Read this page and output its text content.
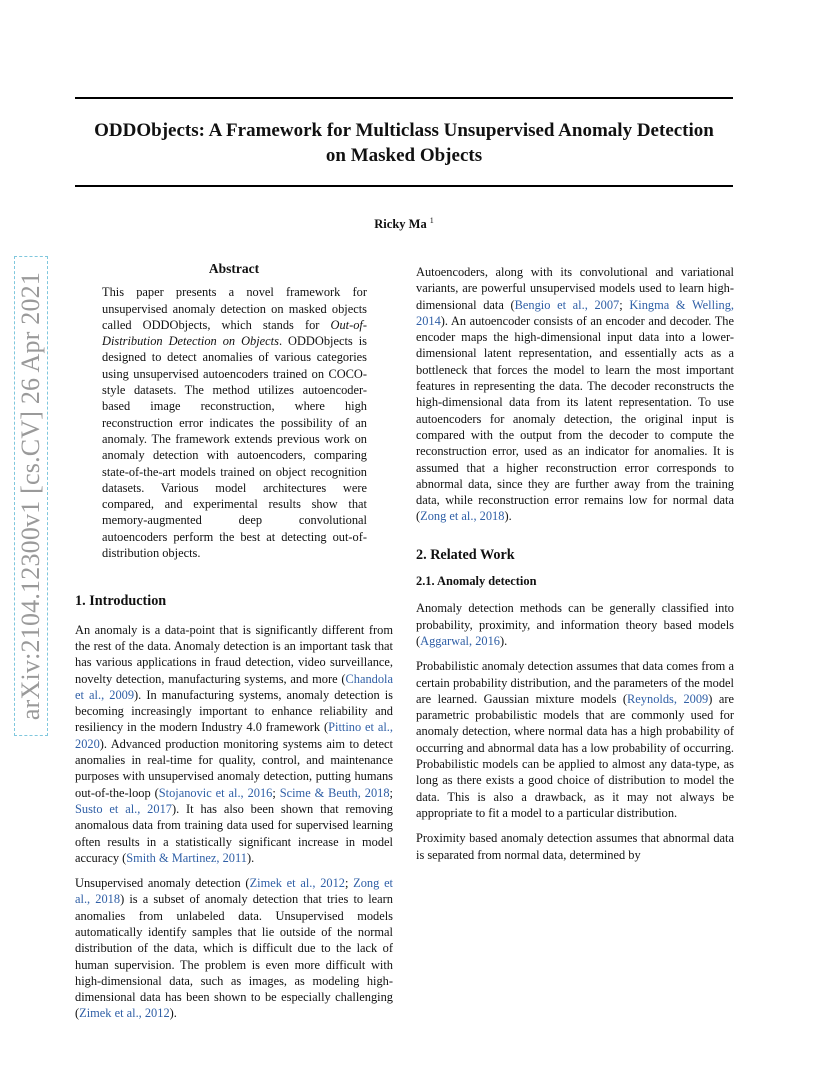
ODDObjects: A Framework for Multiclass Unsupervised Anomaly Detection
on Masked Objects
Ricky Ma $^1$
arXiv:2104.12300v1 [cs.CV] 26 Apr 2021
Abstract

This paper presents a novel framework for unsupervised anomaly detection on masked objects called ODDObjects, which stands for Out-of-Distribution Detection on Objects. ODDObjects is designed to detect anomalies of various categories using unsupervised autoencoders trained on COCO-style datasets. The method utilizes autoencoder-based image reconstruction, where high reconstruction error indicates the possibility of an anomaly. The framework extends previous work on anomaly detection with autoencoders, comparing state-of-the-art models trained on object recognition datasets. Various model architectures were compared, and experimental results show that memory-augmented deep convolutional autoencoders perform the best at detecting out-of-distribution objects.

1. Introduction

An anomaly is a data-point that is significantly different from the rest of the data. Anomaly detection is an important task that has various applications in fraud detection, video surveillance, novelty detection, manufacturing systems, and more (Chandola et al., 2009). In manufacturing systems, anomaly detection is becoming increasingly important to enhance reliability and resiliency in the modern Industry 4.0 framework (Pittino et al., 2020). Advanced production monitoring systems aim to detect anomalies in real-time for quality, control, and maintenance purposes with unsupervised anomaly detection, putting humans out-of-the-loop (Stojanovic et al., 2016; Scime & Beuth, 2018; Susto et al., 2017). It has also been shown that removing anomalous data from training data used for supervised learning often results in a statistically significant increase in model accuracy (Smith & Martinez, 2011).

Unsupervised anomaly detection (Zimek et al., 2012; Zong et al., 2018) is a subset of anomaly detection that tries to learn anomalies from unlabeled data. Unsupervised models automatically identify samples that lie outside of the normal distribution of the data, which is difficult due to the lack of human supervision. The problem is even more difficult with high-dimensional data, such as images, as modeling high-dimensional data has been shown to be especially challenging (Zimek et al., 2012).

Autoencoders, along with its convolutional and variational variants, are powerful unsupervised models used to learn high-dimensional data (Bengio et al., 2007; Kingma & Welling, 2014). An autoencoder consists of an encoder and decoder. The encoder maps the high-dimensional input data into a lower-dimensional latent representation, and essentially acts as a bottleneck that forces the model to learn the most important features in representing the data. The decoder reconstructs the high-dimensional data from its latent representation. To use autoencoders for anomaly detection, the original input is compared with the output from the decoder to compute the reconstruction error, used as an indicator for anomalies. It is assumed that a higher reconstruction error corresponds to abnormal data, since they are further away from the training data, while reconstruction error remains low for normal data (Zong et al., 2018).

2. Related Work
2.1. Anomaly detection

Anomaly detection methods can be generally classified into probability, proximity, and information theory based models (Aggarwal, 2016).

Probabilistic anomaly detection assumes that data comes from a certain probability distribution, and the parameters of the model are learned. Gaussian mixture models (Reynolds, 2009) are parametric probabilistic models that are commonly used for anomaly detection, where normal data has a high probability of occurring and abnormal data has a low probability of occurring. Probabilistic models can be applied to almost any data-type, as long as there exists a good choice of distribution to model the data. This is also a drawback, as it may not always be appropriate to fit a model to a particular distribution.

Proximity based anomaly detection assumes that abnormal data is separated from normal data, determined by
